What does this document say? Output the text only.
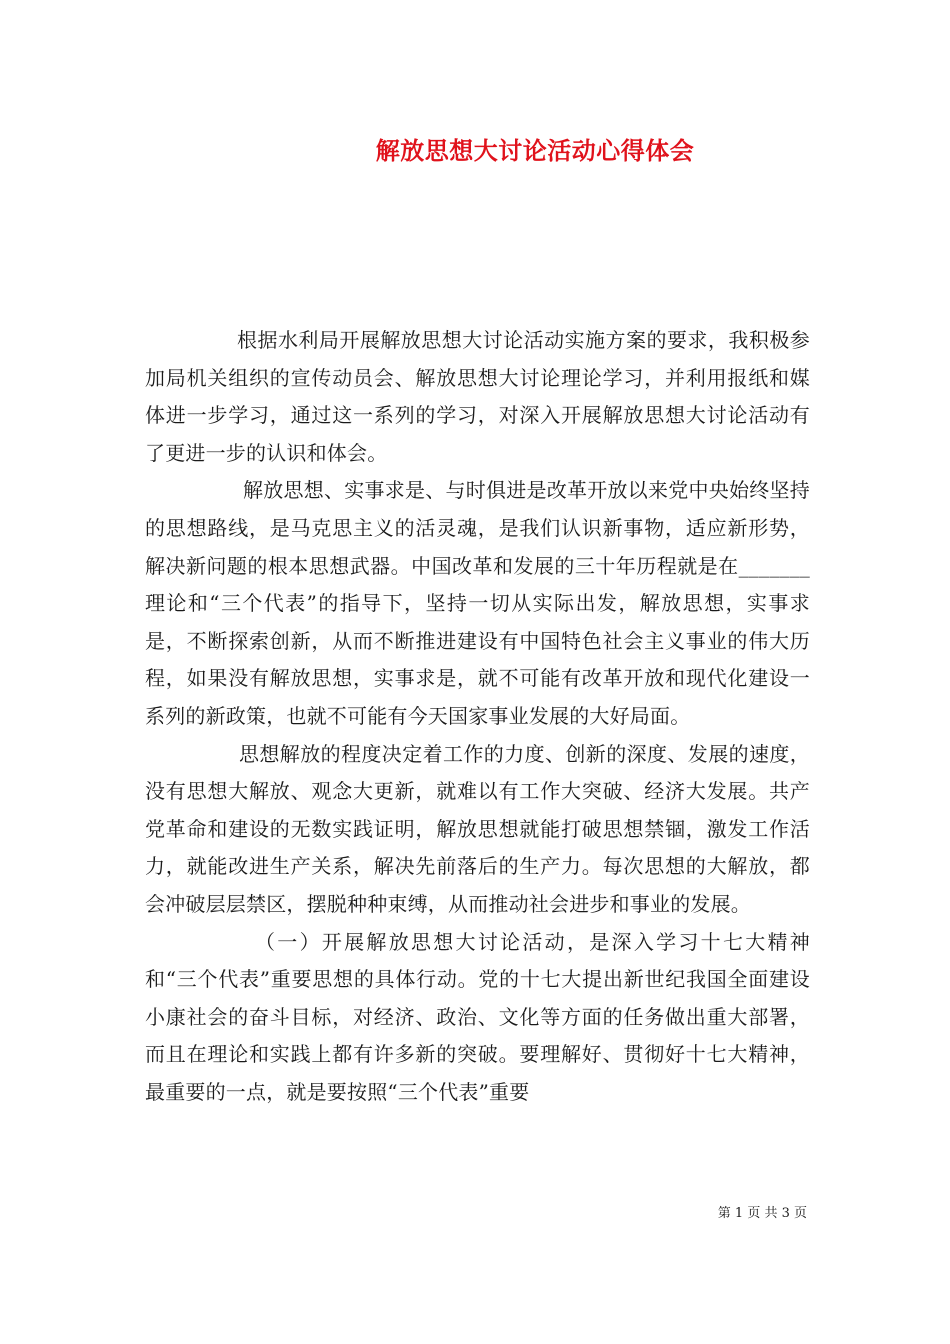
解放思想大讨论活动心得体会

根据水利局开展解放思想大讨论活动实施方案的要求，我积极参加局机关组织的宣传动员会、解放思想大讨论理论学习，并利用报纸和媒体进一步学习，通过这一系列的学习，对深入开展解放思想大讨论活动有了更进一步的认识和体会。

解放思想、实事求是、与时俱进是改革开放以来党中央始终坚持的思想路线，是马克思主义的活灵魂，是我们认识新事物，适应新形势，解决新问题的根本思想武器。中国改革和发展的三十年历程就是在_______理论和“三个代表”的指导下，坚持一切从实际出发，解放思想，实事求是，不断探索创新，从而不断推进建设有中国特色社会主义事业的伟大历程，如果没有解放思想，实事求是，就不可能有改革开放和现代化建设一系列的新政策，也就不可能有今天国家事业发展的大好局面。

思想解放的程度决定着工作的力度、创新的深度、发展的速度，没有思想大解放、观念大更新，就难以有工作大突破、经济大发展。共产党革命和建设的无数实践证明，解放思想就能打破思想禁锢，激发工作活力，就能改进生产关系，解决先前落后的生产力。每次思想的大解放，都会冲破层层禁区，摆脱种种束缚，从而推动社会进步和事业的发展。

（一）开展解放思想大讨论活动，是深入学习十七大精神和“三个代表”重要思想的具体行动。党的十七大提出新世纪我国全面建设小康社会的奋斗目标，对经济、政治、文化等方面的任务做出重大部署，而且在理论和实践上都有许多新的突破。要理解好、贯彻好十七大精神，最重要的一点，就是要按照“三个代表”重要

第 1 页 共 3 页
